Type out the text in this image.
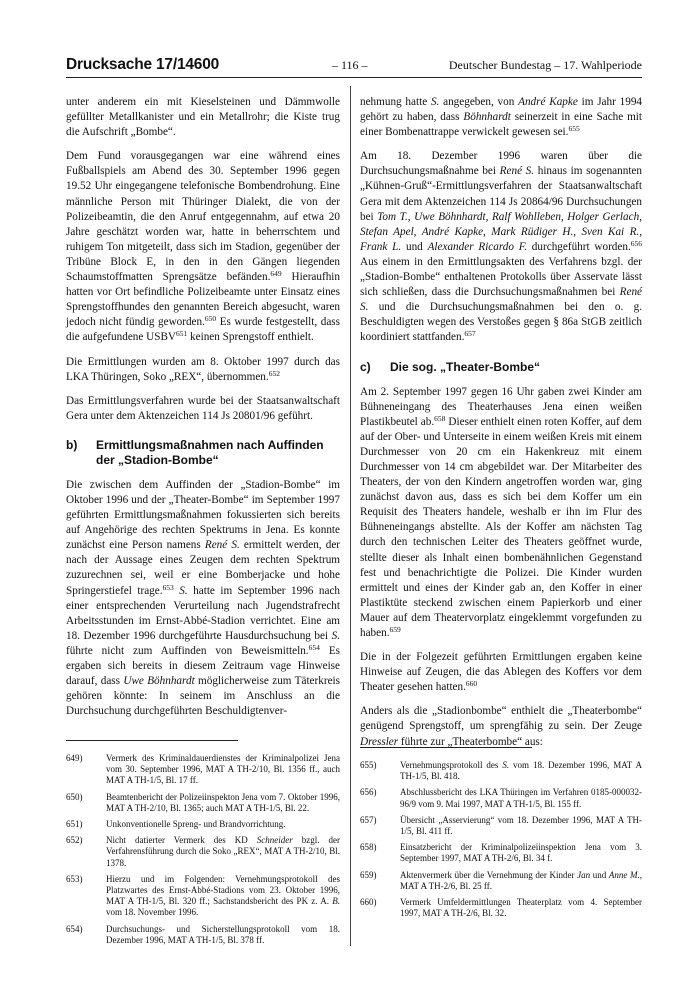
Drucksache 17/14600	– 116 –	Deutscher Bundestag – 17. Wahlperiode

unter anderem ein mit Kieselsteinen und Dämmwolle gefüllter Metallkanister und ein Metallrohr; die Kiste trug die Aufschrift „Bombe“.

Dem Fund vorausgegangen war eine während eines Fußballspiels am Abend des 30. September 1996 gegen 19.52 Uhr eingegangene telefonische Bombendrohung. Eine männliche Person mit Thüringer Dialekt, die von der Polizeibeamtin, die den Anruf entgegennahm, auf etwa 20 Jahre geschätzt worden war, hatte in beherrschtem und ruhigem Ton mitgeteilt, dass sich im Stadion, gegenüber der Tribüne Block E, in den in den Gängen liegenden Schaumstoffmatten Sprengsätze befänden.$^{649}$ Hieraufhin hatten vor Ort befindliche Polizeibeamte unter Einsatz eines Sprengstoffhundes den genannten Bereich abgesucht, waren jedoch nicht fündig geworden.$^{650}$ Es wurde festgestellt, dass die aufgefundene USBV$^{651}$ keinen Sprengstoff enthielt.

Die Ermittlungen wurden am 8. Oktober 1997 durch das LKA Thüringen, Soko „REX“, übernommen.$^{652}$

Das Ermittlungsverfahren wurde bei der Staatsanwaltschaft Gera unter dem Aktenzeichen 114 Js 20801/96 geführt.

b)	Ermittlungsmaßnahmen nach Auffinden der „Stadion-Bombe“

Die zwischen dem Auffinden der „Stadion-Bombe“ im Oktober 1996 und der „Theater-Bombe“ im September 1997 geführten Ermittlungsmaßnahmen fokussierten sich bereits auf Angehörige des rechten Spektrums in Jena. Es konnte zunächst eine Person namens René S. ermittelt werden, der nach der Aussage eines Zeugen dem rechten Spektrum zuzurechnen sei, weil er eine Bomberjacke und hohe Springerstiefel trage.$^{653}$ S. hatte im September 1996 nach einer entsprechenden Verurteilung nach Jugendstrafrecht Arbeitsstunden im Ernst-Abbé-Stadion verrichtet. Eine am 18. Dezember 1996 durchgeführte Hausdurchsuchung bei S. führte nicht zum Auffinden von Beweismitteln.$^{654}$ Es ergaben sich bereits in diesem Zeitraum vage Hinweise darauf, dass Uwe Böhnhardt möglicherweise zum Täterkreis gehören könnte: In seinem im Anschluss an die Durchsuchung durchgeführten Beschuldigtenver-

nehmung hatte S. angegeben, von André Kapke im Jahr 1994 gehört zu haben, dass Böhnhardt seinerzeit in eine Sache mit einer Bombenattrappe verwickelt gewesen sei.$^{655}$

Am 18. Dezember 1996 waren über die Durchsuchungsmaßnahme bei René S. hinaus im sogenannten „Kühnen-Gruß“-Ermittlungsverfahren der Staatsanwaltschaft Gera mit dem Aktenzeichen 114 Js 20864/96 Durchsuchungen bei Tom T., Uwe Böhnhardt, Ralf Wohlleben, Holger Gerlach, Stefan Apel, André Kapke, Mark Rüdiger H., Sven Kai R., Frank L. und Alexander Ricardo F. durchgeführt worden.$^{656}$ Aus einem in den Ermittlungsakten des Verfahrens bzgl. der „Stadion-Bombe“ enthaltenen Protokolls über Asservate lässt sich schließen, dass die Durchsuchungsmaßnahmen bei René S. und die Durchsuchungsmaßnahmen bei den o. g. Beschuldigten wegen des Verstoßes gegen § 86a StGB zeitlich koordiniert stattfanden.$^{657}$

c)	Die sog. „Theater-Bombe“

Am 2. September 1997 gegen 16 Uhr gaben zwei Kinder am Bühneneingang des Theaterhauses Jena einen weißen Plastikbeutel ab.$^{658}$ Dieser enthielt einen roten Koffer, auf dem auf der Ober- und Unterseite in einem weißen Kreis mit einem Durchmesser von 20 cm ein Hakenkreuz mit einem Durchmesser von 14 cm abgebildet war. Der Mitarbeiter des Theaters, der von den Kindern angetroffen worden war, ging zunächst davon aus, dass es sich bei dem Koffer um ein Requisit des Theaters handele, weshalb er ihn im Flur des Bühneneingangs abstellte. Als der Koffer am nächsten Tag durch den technischen Leiter des Theaters geöffnet wurde, stellte dieser als Inhalt einen bombenähnlichen Gegenstand fest und benachrichtigte die Polizei. Die Kinder wurden ermittelt und eines der Kinder gab an, den Koffer in einer Plastiktüte steckend zwischen einem Papierkorb und einer Mauer auf dem Theatervorplatz eingeklemmt vorgefunden zu haben.$^{659}$

Die in der Folgezeit geführten Ermittlungen ergaben keine Hinweise auf Zeugen, die das Ablegen des Koffers vor dem Theater gesehen hatten.$^{660}$

Anders als die „Stadionbombe“ enthielt die „Theaterbombe“ genügend Sprengstoff, um sprengfähig zu sein. Der Zeuge Dressler führte zur „Theaterbombe“ aus:

649)	Vermerk des Kriminaldauerdienstes der Kriminalpolizei Jena vom 30. September 1996, MAT A TH-2/10, Bl. 1356 ff., auch MAT A TH-1/5, Bl. 17 ff.
650)	Beamtenbericht der Polizeiinspekton Jena vom 7. Oktober 1996, MAT A TH-2/10, Bl. 1365; auch MAT A TH-1/5, Bl. 22.
651)	Unkonventionelle Spreng- und Brandvorrichtung.
652)	Nicht datierter Vermerk des KD Schneider bzgl. der Verfahrensführung durch die Soko „REX“, MAT A TH-2/10, Bl. 1378.
653)	Hierzu und im Folgenden: Vernehmungsprotokoll des Platzwartes des Ernst-Abbé-Stadions vom 23. Oktober 1996, MAT A TH-1/5, Bl. 320 ff.; Sachstandsbericht des PK z. A. B. vom 18. November 1996.
654)	Durchsuchungs- und Sicherstellungsprotokoll vom 18. Dezember 1996, MAT A TH-1/5, Bl. 378 ff.
655)	Vernehmungsprotokoll des S. vom 18. Dezember 1996, MAT A TH-1/5, Bl. 418.
656)	Abschlussbericht des LKA Thüringen im Verfahren 0185-000032-96/9 vom 9. Mai 1997, MAT A TH-1/5, Bl. 155 ff.
657)	Übersicht „Asservierung“ vom 18. Dezember 1996, MAT A TH-1/5, Bl. 411 ff.
658)	Einsatzbericht der Kriminalpolizeiinspektion Jena vom 3. September 1997, MAT A TH-2/6, Bl. 34 f.
659)	Aktenvermerk über die Vernehmung der Kinder Jan und Anne M., MAT A TH-2/6, Bl. 25 ff.
660)	Vermerk Umfeldermittlungen Theaterplatz vom 4. September 1997, MAT A TH-2/6, Bl. 32.
